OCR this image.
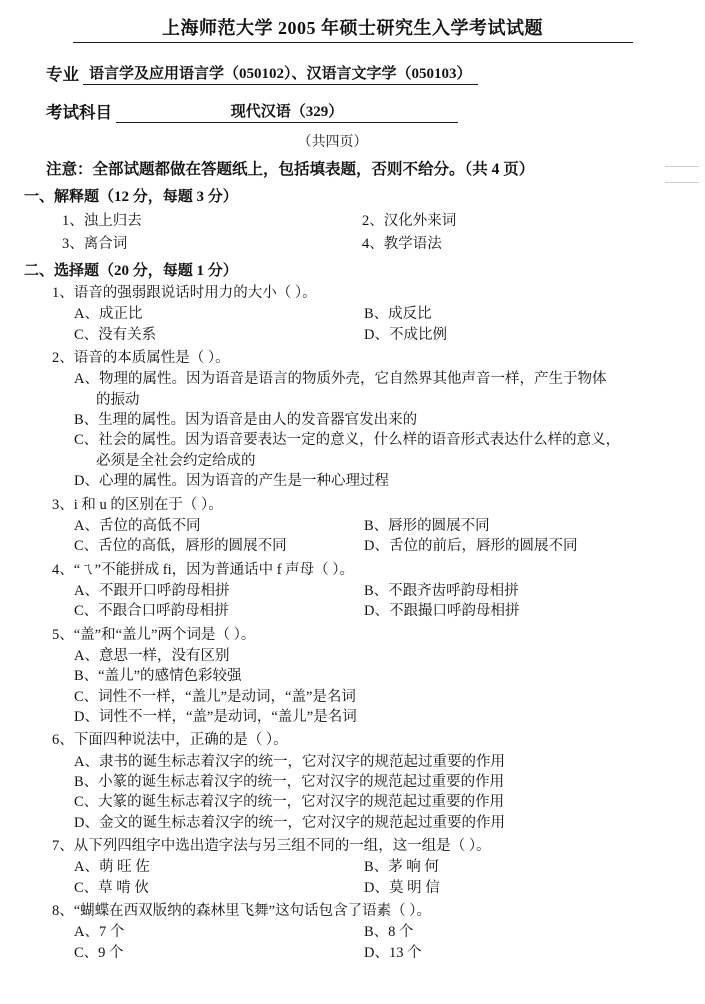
上海师范大学 2005 年硕士研究生入学考试试题
专业 语言学及应用语言学（050102）、汉语言文字学（050103）
考试科目	现代汉语（329）
（共四页）
注意：全部试题都做在答题纸上，包括填表题，否则不给分。（共 4 页）
一、解释题（12 分，每题 3 分）
1、浊上归去	2、汉化外来词
3、离合词	4、教学语法
二、选择题（20 分，每题 1 分）
1、语音的强弱跟说话时用力的大小（ ）。
A、成正比	B、成反比
C、没有关系	D、不成比例
2、语音的本质属性是（ ）。
A、物理的属性。因为语音是语言的物质外壳，它自然界其他声音一样，产生于物体
的振动
B、生理的属性。因为语音是由人的发音器官发出来的
C、社会的属性。因为语音要表达一定的意义，什么样的语音形式表达什么样的意义，
必须是全社会约定给成的
D、心理的属性。因为语音的产生是一种心理过程
3、i 和 u 的区别在于（ ）。
A、舌位的高低不同	B、唇形的圆展不同
C、舌位的高低，唇形的圆展不同	D、舌位的前后，唇形的圆展不同
4、“ㄟ”不能拼成 fi，因为普通话中 f 声母（ ）。
A、不跟开口呼韵母相拼	B、不跟齐齿呼韵母相拼
C、不跟合口呼韵母相拼	D、不跟撮口呼韵母相拼
5、“盖”和“盖儿”两个词是（ ）。
A、意思一样，没有区别
B、“盖儿”的感情色彩较强
C、词性不一样，“盖儿”是动词，“盖”是名词
D、词性不一样，“盖”是动词，“盖儿”是名词
6、下面四种说法中，正确的是（ ）。
A、隶书的诞生标志着汉字的统一，它对汉字的规范起过重要的作用
B、小篆的诞生标志着汉字的统一，它对汉字的规范起过重要的作用
C、大篆的诞生标志着汉字的统一，它对汉字的规范起过重要的作用
D、金文的诞生标志着汉字的统一，它对汉字的规范起过重要的作用
7、从下列四组字中选出造字法与另三组不同的一组，这一组是（ ）。
A、萌 旺 佐	B、茅 响 何
C、草 啃 伙	D、莫 明 信
8、“蝴蝶在西双版纳的森林里飞舞”这句话包含了语素（ ）。
A、7 个	B、8 个
C、9 个	D、13 个
